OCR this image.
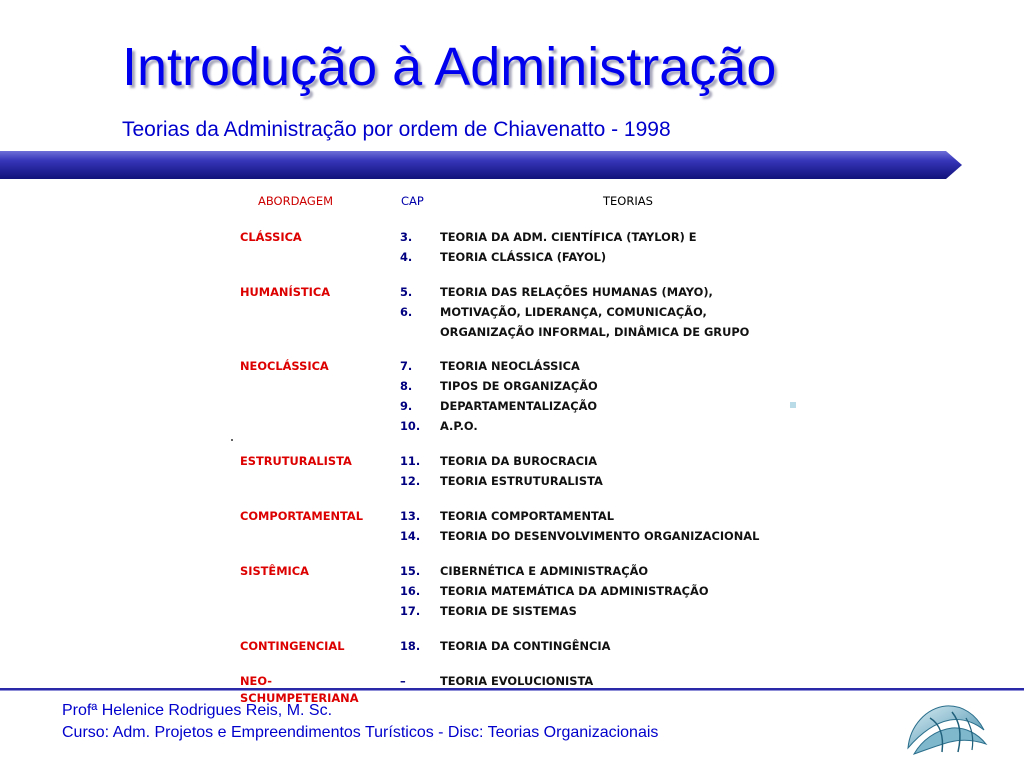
Introdução à Administração
Teorias da Administração por ordem de Chiavenatto - 1998
ABORDAGEM	CAP	TEORIAS
CLÁSSICA	3.	TEORIA DA ADM. CIENTÍFICA (TAYLOR) E
4.	TEORIA CLÁSSICA (FAYOL)
HUMANÍSTICA	5.	TEORIA DAS RELAÇÕES HUMANAS (MAYO),
6.	MOTIVAÇÃO, LIDERANÇA, COMUNICAÇÃO,
ORGANIZAÇÃO INFORMAL, DINÂMICA DE GRUPO
NEOCLÁSSICA	7.	TEORIA NEOCLÁSSICA
8.	TIPOS DE ORGANIZAÇÃO
9.	DEPARTAMENTALIZAÇÃO
10.	A.P.O.
ESTRUTURALISTA	11.	TEORIA DA BUROCRACIA
12.	TEORIA ESTRUTURALISTA
COMPORTAMENTAL	13.	TEORIA COMPORTAMENTAL
14.	TEORIA DO DESENVOLVIMENTO ORGANIZACIONAL
SISTÊMICA	15.	CIBERNÉTICA E ADMINISTRAÇÃO
16.	TEORIA MATEMÁTICA DA ADMINISTRAÇÃO
17.	TEORIA DE SISTEMAS
CONTINGENCIAL	18.	TEORIA DA CONTINGÊNCIA
NEO-
SCHUMPETERIANA
–	TEORIA EVOLUCIONISTA
Profª Helenice Rodrigues Reis, M. Sc.
Curso: Adm. Projetos e Empreendimentos Turísticos - Disc: Teorias Organizacionais
